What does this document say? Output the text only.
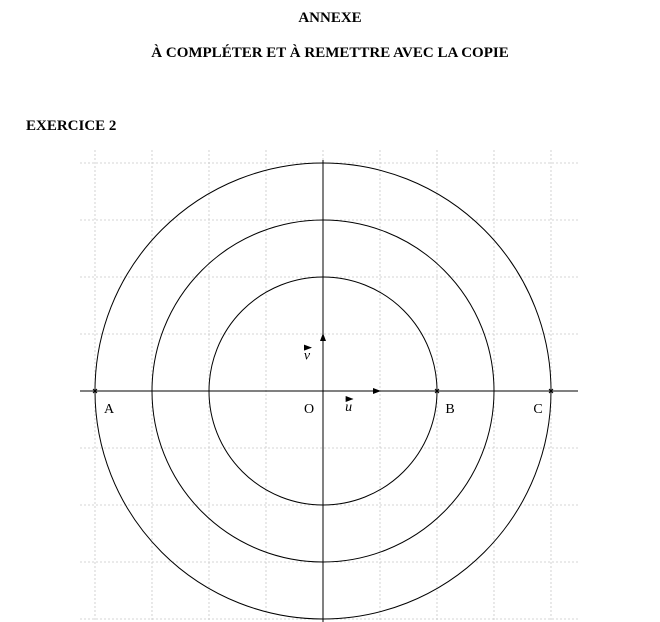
ANNEXE
À COMPLÉTER ET À REMETTRE AVEC LA COPIE
EXERCICE 2
u
v
A	O	B	C
